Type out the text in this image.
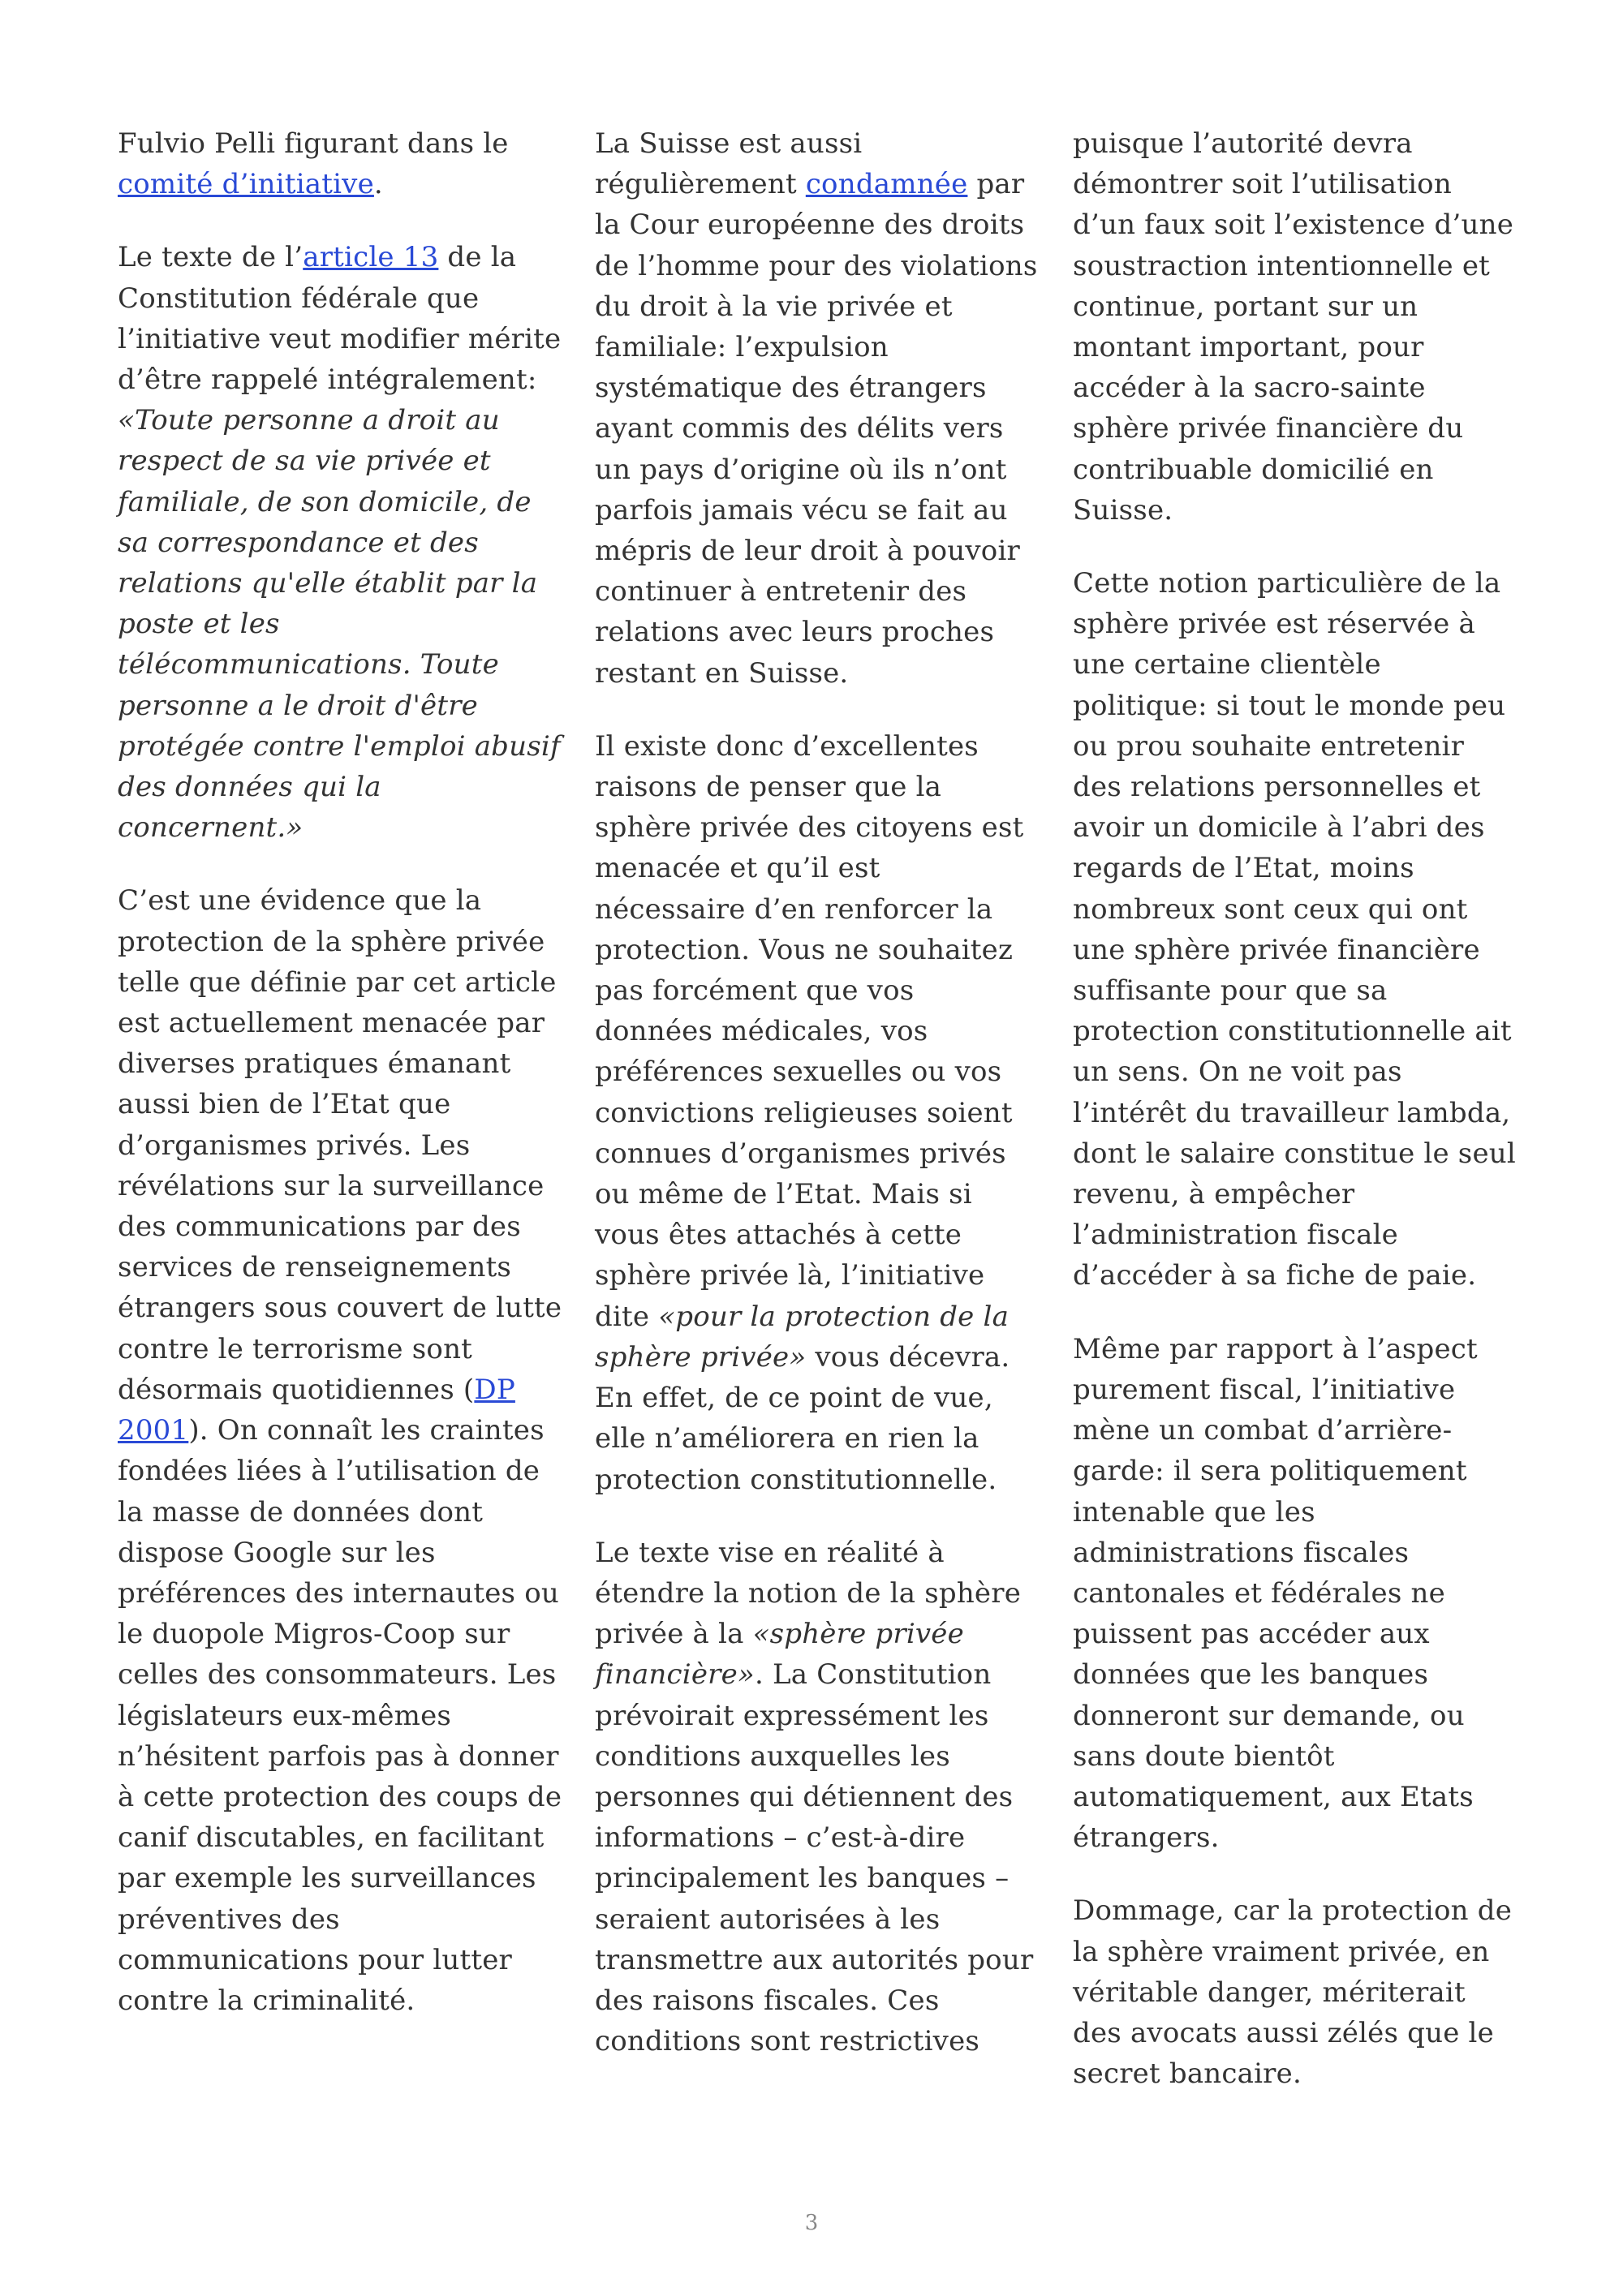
Fulvio Pelli figurant dans le comité d’initiative.

Le texte de l’article 13 de la Constitution fédérale que l’initiative veut modifier mérite d’être rappelé intégralement: «Toute personne a droit au respect de sa vie privée et familiale, de son domicile, de sa correspondance et des relations qu'elle établit par la poste et les télécommunications. Toute personne a le droit d'être protégée contre l'emploi abusif des données qui la concernent.»

C’est une évidence que la protection de la sphère privée telle que définie par cet article est actuellement menacée par diverses pratiques émanant aussi bien de l’Etat que d’organismes privés. Les révélations sur la surveillance des communications par des services de renseignements étrangers sous couvert de lutte contre le terrorisme sont désormais quotidiennes (DP 2001). On connaît les craintes fondées liées à l’utilisation de la masse de données dont dispose Google sur les préférences des internautes ou le duopole Migros-Coop sur celles des consommateurs. Les législateurs eux-mêmes n’hésitent parfois pas à donner à cette protection des coups de canif discutables, en facilitant par exemple les surveillances préventives des communications pour lutter contre la criminalité.

La Suisse est aussi régulièrement condamnée par la Cour européenne des droits de l’homme pour des violations du droit à la vie privée et familiale: l’expulsion systématique des étrangers ayant commis des délits vers un pays d’origine où ils n’ont parfois jamais vécu se fait au mépris de leur droit à pouvoir continuer à entretenir des relations avec leurs proches restant en Suisse.

Il existe donc d’excellentes raisons de penser que la sphère privée des citoyens est menacée et qu’il est nécessaire d’en renforcer la protection. Vous ne souhaitez pas forcément que vos données médicales, vos préférences sexuelles ou vos convictions religieuses soient connues d’organismes privés ou même de l’Etat. Mais si vous êtes attachés à cette sphère privée là, l’initiative dite «pour la protection de la sphère privée» vous décevra. En effet, de ce point de vue, elle n’améliorera en rien la protection constitutionnelle.

Le texte vise en réalité à étendre la notion de la sphère privée à la «sphère privée financière». La Constitution prévoirait expressément les conditions auxquelles les personnes qui détiennent des informations – c’est-à-dire principalement les banques – seraient autorisées à les transmettre aux autorités pour des raisons fiscales. Ces conditions sont restrictives

puisque l’autorité devra démontrer soit l’utilisation d’un faux soit l’existence d’une soustraction intentionnelle et continue, portant sur un montant important, pour accéder à la sacro-sainte sphère privée financière du contribuable domicilié en Suisse.

Cette notion particulière de la sphère privée est réservée à une certaine clientèle politique: si tout le monde peu ou prou souhaite entretenir des relations personnelles et avoir un domicile à l’abri des regards de l’Etat, moins nombreux sont ceux qui ont une sphère privée financière suffisante pour que sa protection constitutionnelle ait un sens. On ne voit pas l’intérêt du travailleur lambda, dont le salaire constitue le seul revenu, à empêcher l’administration fiscale d’accéder à sa fiche de paie.

Même par rapport à l’aspect purement fiscal, l’initiative mène un combat d’arrière-garde: il sera politiquement intenable que les administrations fiscales cantonales et fédérales ne puissent pas accéder aux données que les banques donneront sur demande, ou sans doute bientôt automatiquement, aux Etats étrangers.

Dommage, car la protection de la sphère vraiment privée, en véritable danger, mériterait des avocats aussi zélés que le secret bancaire.

3
